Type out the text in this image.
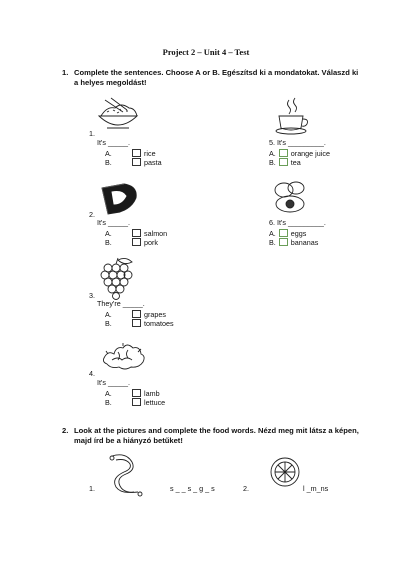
Project 2 – Unit 4 – Test
1. Complete the sentences. Choose A or B. Egészítsd ki a mondatokat. Válaszd ki
a helyes megoldást!
1.
It's _____.
A.	rice
B.	pasta
5. It's _________.
A. orange juice
B. tea
2.
It's _____.
A.	salmon
B.	pork
6. It's _________.
A. eggs
B. bananas
3.
They're _____.
A.	grapes
B.	tomatoes
4.
It's _____.
A.	lamb
B.	lettuce
2. Look at the pictures and complete the food words. Nézd meg mit látsz a képen,
majd írd be a hiányzó betűket!
1.	s _ _ s _ g _ s	2.	l _m_ns
